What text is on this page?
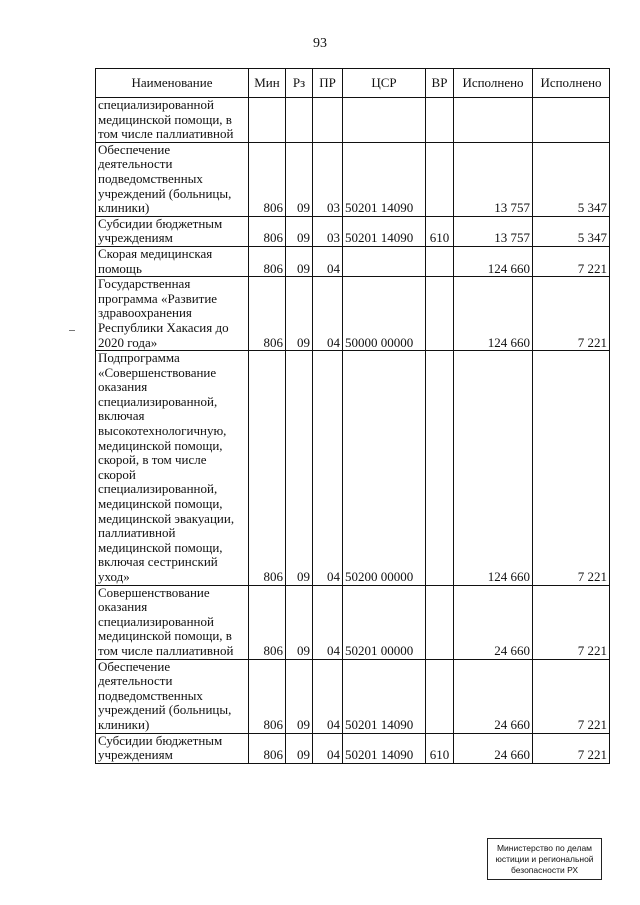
93
Наименование	Мин	Рз	ПР	ЦСР	ВР	Исполнено	Исполнено
специализированной медицинской помощи, в том числе паллиативной							
Обеспечение деятельности подведомственных учреждений (больницы, клиники)	806	09	03	50201 14090		13 757	5 347
Субсидии бюджетным учреждениям	806	09	03	50201 14090	610	13 757	5 347
Скорая медицинская помощь	806	09	04			124 660	7 221
Государственная программа «Развитие здравоохранения Республики Хакасия до 2020 года»	806	09	04	50000 00000		124 660	7 221
Подпрограмма «Совершенствование оказания специализированной, включая высокотехнологичную, медицинской помощи, скорой, в том числе скорой специализированной, медицинской помощи, медицинской эвакуации, паллиативной медицинской помощи, включая сестринский уход»	806	09	04	50200 00000		124 660	7 221
Совершенствование оказания специализированной медицинской помощи, в том числе паллиативной	806	09	04	50201 00000		24 660	7 221
Обеспечение деятельности подведомственных учреждений (больницы, клиники)	806	09	04	50201 14090		24 660	7 221
Субсидии бюджетным учреждениям	806	09	04	50201 14090	610	24 660	7 221
Министерство по делам
юстиции и региональной
безопасности РХ
